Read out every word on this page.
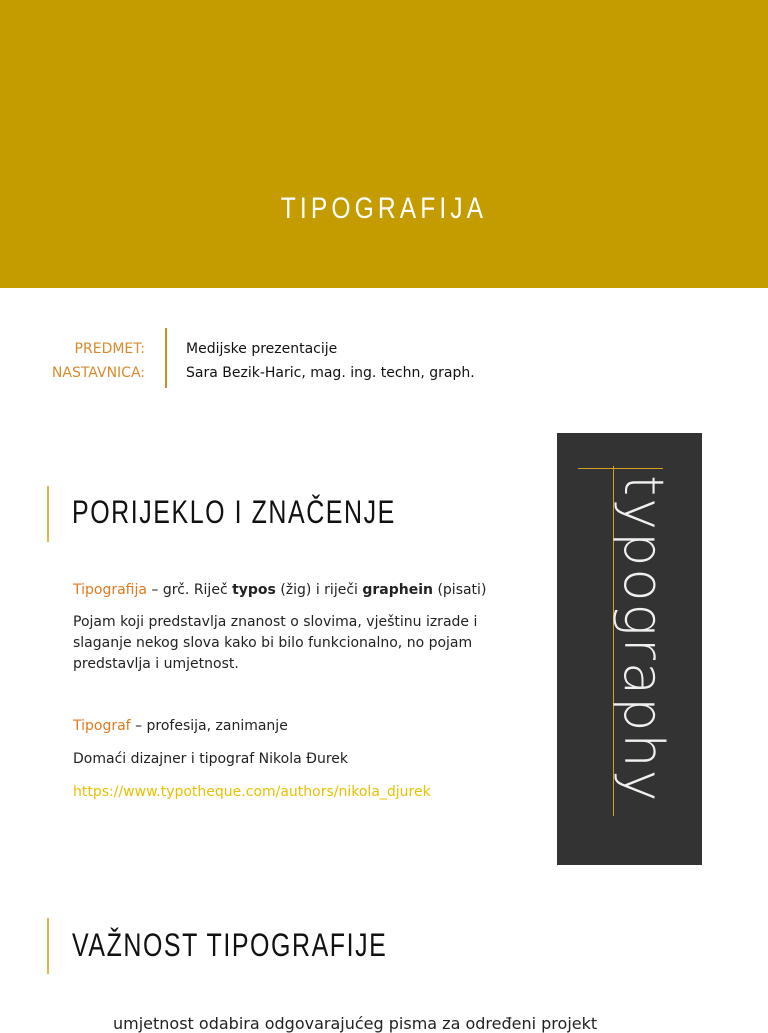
TIPOGRAFIJA
PREDMET:
NASTAVNICA:
Medijske prezentacije
Sara Bezik-Haric, mag. ing. techn, graph.
PORIJEKLO I ZNAČENJE
Tipografija – grč. Riječ typos (žig) i riječi graphein (pisati)
Pojam koji predstavlja znanost o slovima, vještinu izrade i slaganje nekog slova kako bi bilo funkcionalno, no pojam predstavlja i umjetnost.
Tipograf – profesija, zanimanje
Domaći dizajner i tipograf Nikola Đurek
https://www.typotheque.com/authors/nikola_djurek	typography
VAŽNOST TIPOGRAFIJE
umjetnost odabira odgovarajućeg pisma za određeni projekt
